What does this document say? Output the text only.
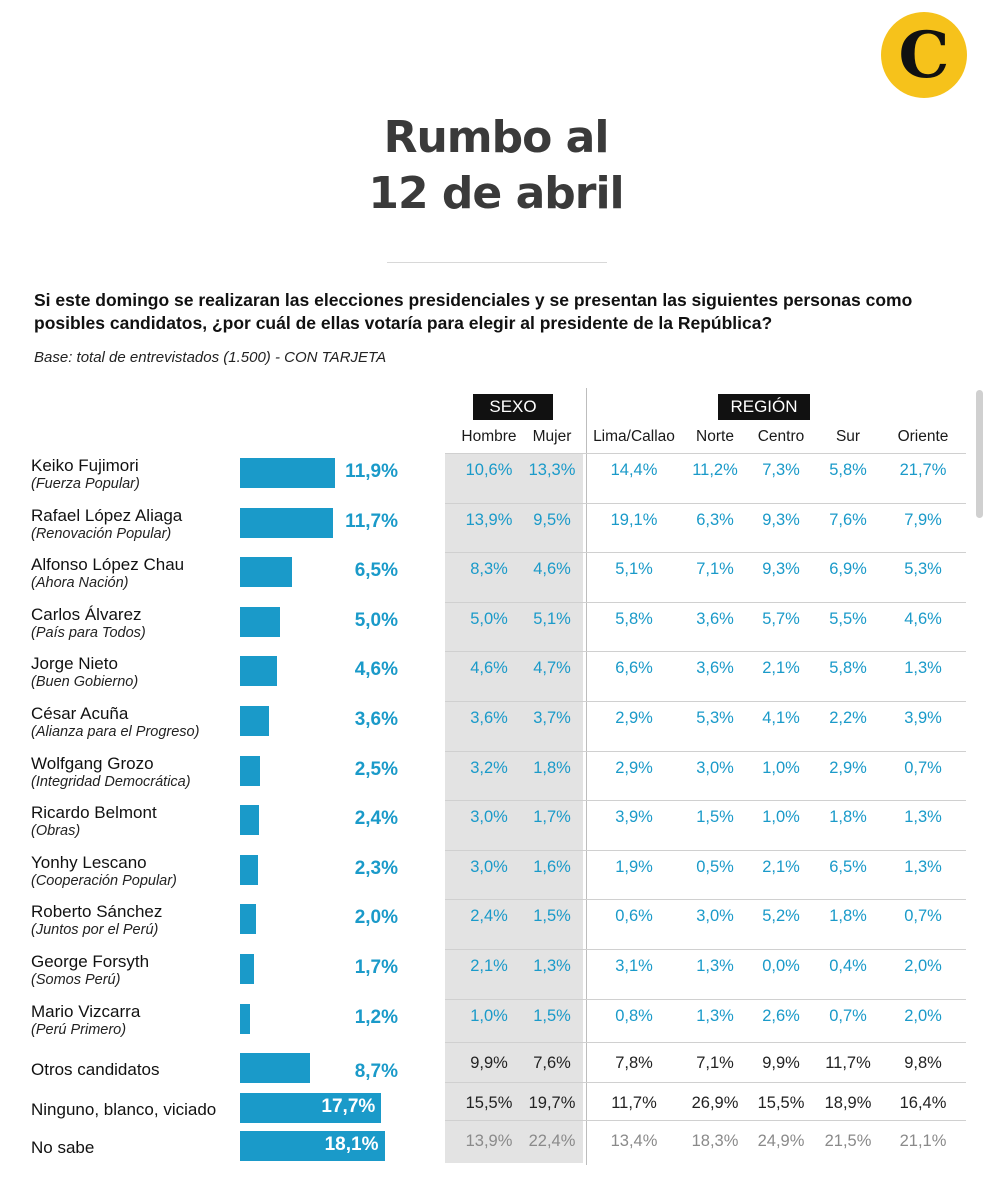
C
Rumbo al
12 de abril
Si este domingo se realizaran las elecciones presidenciales y se presentan las siguientes personas como posibles candidatos, ¿por cuál de ellas votaría para elegir al presidente de la República?
Base: total de entrevistados (1.500) - CON TARJETA
SEXO	REGIÓN
Hombre	Mujer	Lima/Callao	Norte	Centro	Sur	Oriente
Keiko Fujimori
(Fuerza Popular)
11,9%	10,6% 13,3%	14,4%	11,2%	7,3%	5,8%	21,7%
Rafael López Aliaga
(Renovación Popular)
11,7%	13,9%	9,5%	19,1%	6,3%	9,3%	7,6%	7,9%
Alfonso López Chau
(Ahora Nación)
6,5%	8,3%	4,6%	5,1%	7,1%	9,3%	6,9%	5,3%
Carlos Álvarez
(País para Todos)
5,0%	5,0%	5,1%	5,8%	3,6%	5,7%	5,5%	4,6%
Jorge Nieto
(Buen Gobierno)
4,6%	4,6%	4,7%	6,6%	3,6%	2,1%	5,8%	1,3%
César Acuña
(Alianza para el Progreso)
3,6%	3,6%	3,7%	2,9%	5,3%	4,1%	2,2%	3,9%
Wolfgang Grozo
(Integridad Democrática)
2,5%	3,2%	1,8%	2,9%	3,0%	1,0%	2,9%	0,7%
Ricardo Belmont
(Obras)
2,4%	3,0%	1,7%	3,9%	1,5%	1,0%	1,8%	1,3%
Yonhy Lescano
(Cooperación Popular)
2,3%	3,0%	1,6%	1,9%	0,5%	2,1%	6,5%	1,3%
Roberto Sánchez
(Juntos por el Perú)
2,0%	2,4%	1,5%	0,6%	3,0%	5,2%	1,8%	0,7%
George Forsyth
(Somos Perú)
1,7%	2,1%	1,3%	3,1%	1,3%	0,0%	0,4%	2,0%
Mario Vizcarra
(Perú Primero)
1,2%	1,0%	1,5%	0,8%	1,3%	2,6%	0,7%	2,0%
Otros candidatos	8,7%	9,9%	7,6%	7,8%	7,1%	9,9%	11,7%	9,8%
Ninguno, blanco, viciado	17,7%	15,5% 19,7%	11,7%	26,9%	15,5%	18,9%	16,4%
No sabe	18,1%	13,9% 22,4%	13,4%	18,3%	24,9%	21,5%	21,1%
